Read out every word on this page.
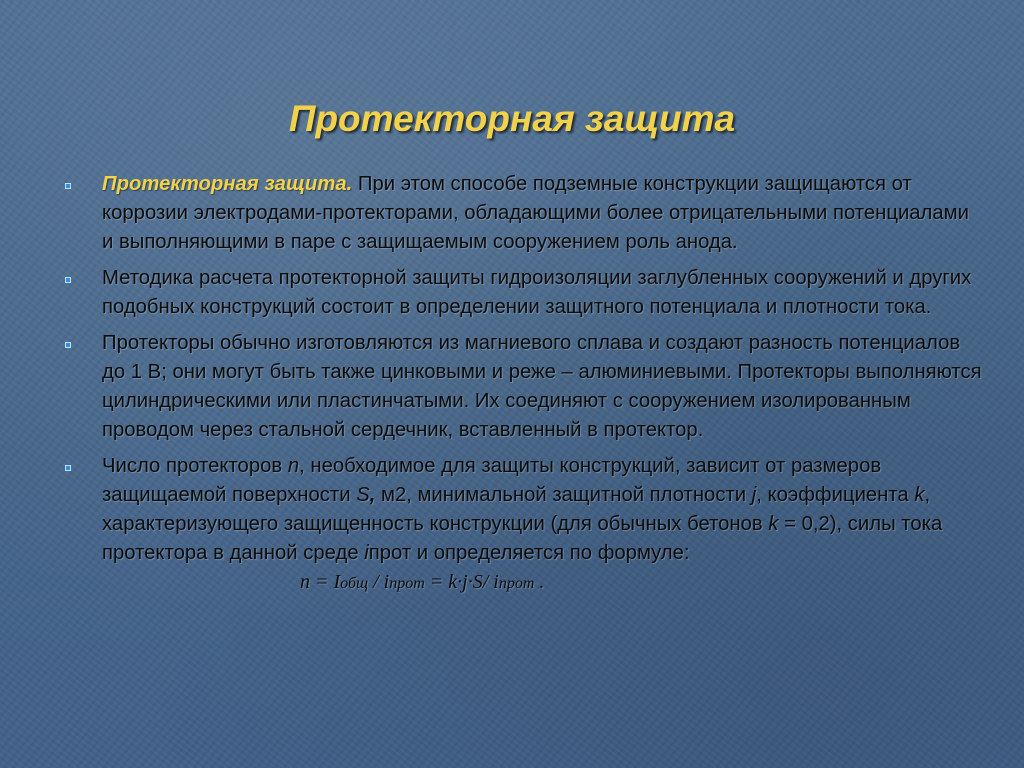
Протекторная защита
Протекторная защита. При этом способе подземные конструкции защищаются от коррозии электродами-протекторами, обладающими более отрицательными потенциалами и выполняющими в паре с защищаемым сооружением роль анода.
Методика расчета протекторной защиты гидроизоляции заглубленных сооружений и других подобных конструкций состоит в определении защитного потенциала и плотности тока.
Протекторы обычно изготовляются из магниевого сплава и создают разность потенциалов до 1 В; они могут быть также цинковыми и реже – алюминиевыми. Протекторы выполняются цилиндрическими или пластинчатыми. Их соединяют с сооружением изолированным проводом через стальной сердечник, вставленный в протектор.
Число протекторов n, необходимое для защиты конструкций, зависит от размеров защищаемой поверхности S, м2, минимальной защитной плотности j, коэффициента k, характеризующего защищенность конструкции (для обычных бетонов k = 0,2), силы тока протектора в данной среде iпрот и определяется по формуле:n = Iобщ / iпрот = k·j·S/ iпрот .
